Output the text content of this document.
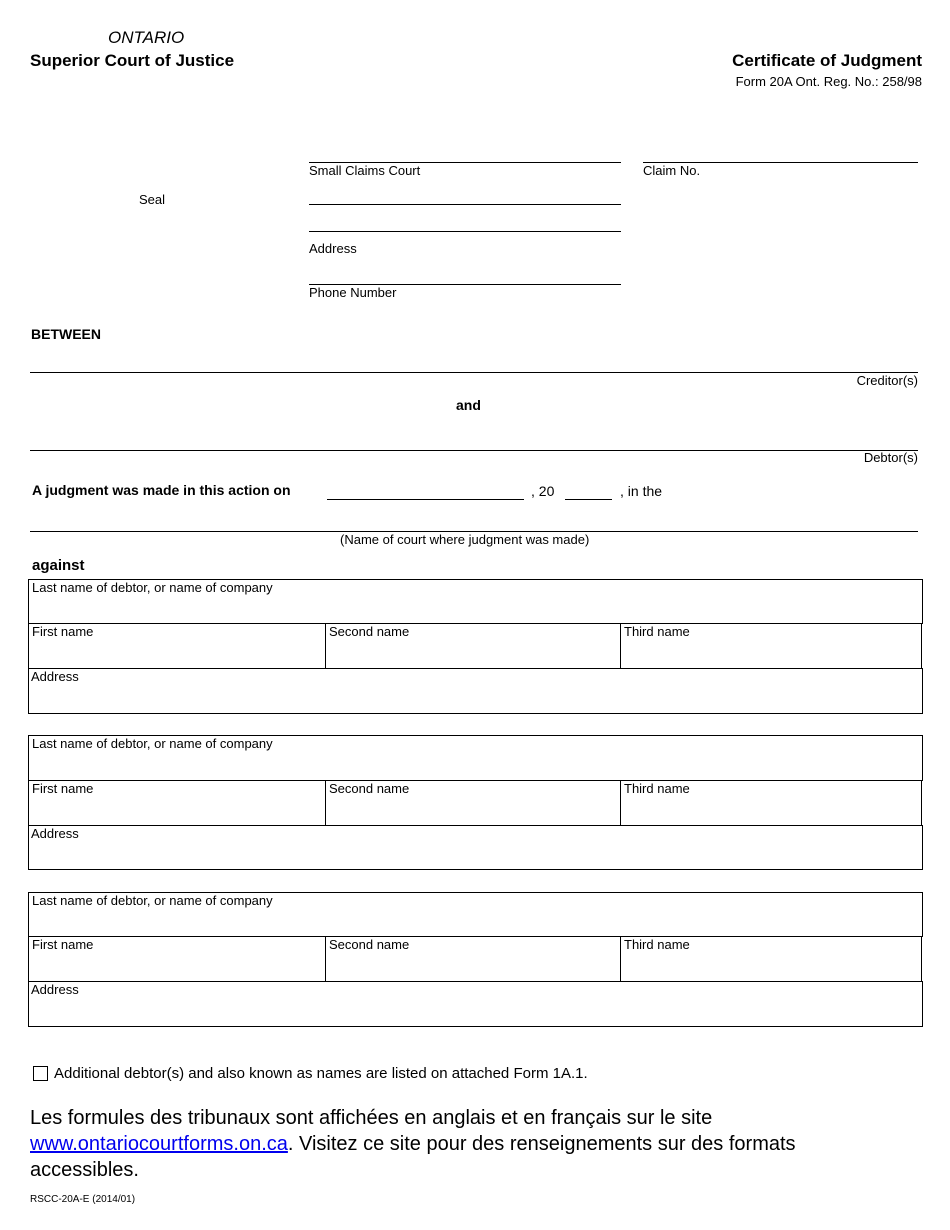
ONTARIO
Superior Court of Justice	Certificate of Judgment
Form 20A Ont. Reg. No.: 258/98
Seal
Small Claims Court
Address
Phone Number
Claim No.
BETWEEN
Creditor(s)
and
Debtor(s)
A judgment was made in this action on	, 20	, in the
(Name of court where judgment was made)
against
Last name of debtor, or name of company
First name	Second name	Third name
Address
Last name of debtor, or name of company
First name	Second name	Third name
Address
Last name of debtor, or name of company
First name	Second name	Third name
Address
Additional debtor(s) and also known as names are listed on attached Form 1A.1.
Les formules des tribunaux sont affichées en anglais et en français sur le site
www.ontariocourtforms.on.ca. Visitez ce site pour des renseignements sur des formats
accessibles.
RSCC-20A-E (2014/01)
